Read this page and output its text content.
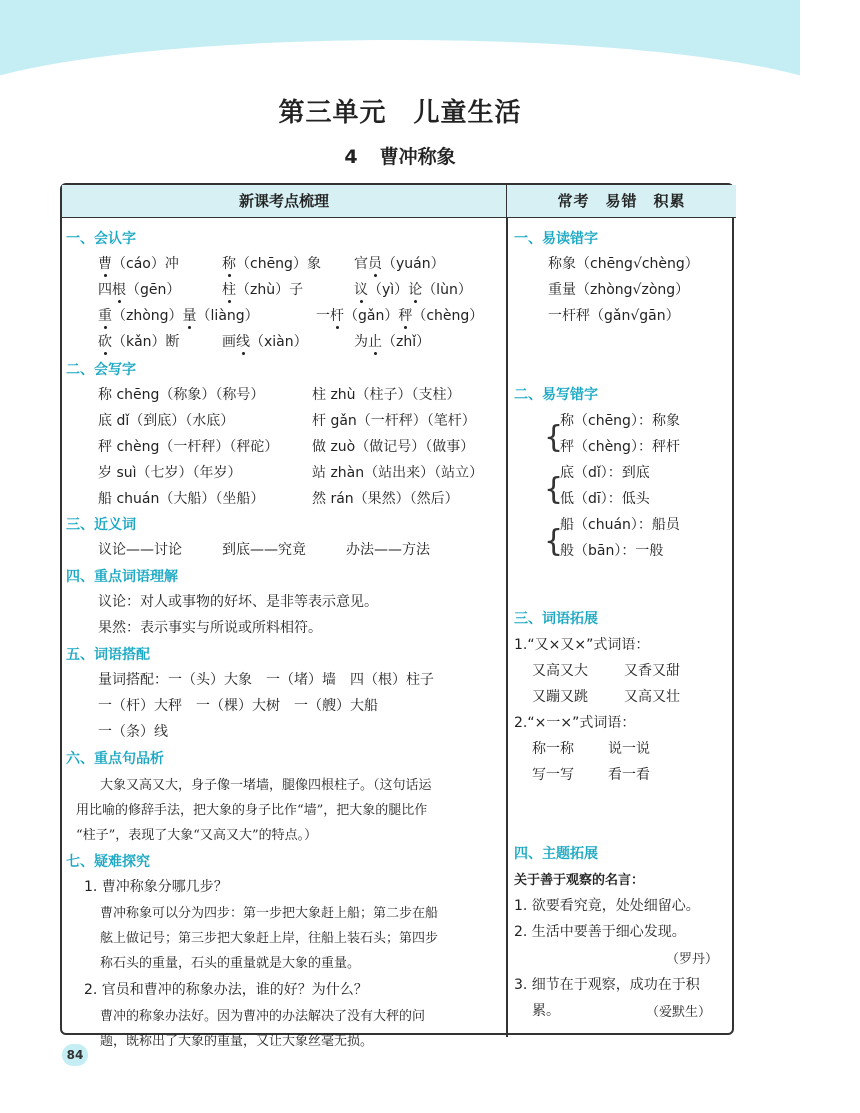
第三单元　儿童生活
4 曹冲称象
新课考点梳理	常考　易错　积累
一、会认字
曹（cáo）冲	称（chēng）象 官员（yuán）
四根（gēn）	柱（zhù）子	议（yì）论（lùn）
重（zhòng）量（liàng）	一杆（gǎn）秤（chèng）
砍（kǎn）断	画线（xiàn）	为止（zhǐ）
二、会写字
称 chēng（称象）（称号）	柱 zhù（柱子）（支柱）
底 dǐ（到底）（水底）	杆 gǎn（一杆秤）（笔杆）
秤 chèng（一杆秤）（秤砣） 做 zuò（做记号）（做事）
岁 suì（七岁）（年岁）	站 zhàn（站出来）（站立）
船 chuán（大船）（坐船）	然 rán（果然）（然后）
三、近义词
议论——讨论	到底——究竟	办法——方法
四、重点词语理解
议论：对人或事物的好坏、是非等表示意见。
果然：表示事实与所说或所料相符。
五、词语搭配
量词搭配：一（头）大象　一（堵）墙　四（根）柱子
一（杆）大秤　一（棵）大树　一（艘）大船
一（条）线
六、重点句品析
大象又高又大，身子像一堵墙，腿像四根柱子。（这句话运
用比喻的修辞手法，把大象的身子比作“墙”，把大象的腿比作
“柱子”，表现了大象“又高又大”的特点。）
七、疑难探究
1. 曹冲称象分哪几步？
曹冲称象可以分为四步：第一步把大象赶上船；第二步在船
舷上做记号；第三步把大象赶上岸，往船上装石头；第四步
称石头的重量，石头的重量就是大象的重量。
2. 官员和曹冲的称象办法，谁的好？为什么？
曹冲的称象办法好。因为曹冲的办法解决了没有大秤的问
题，既称出了大象的重量，又让大象丝毫无损。
一、易读错字
称象（chēng√chèng）
重量（zhòng√zòng）
一杆秤（gǎn√gān）
二、易写错字
{
称（chēng）：称象
秤（chèng）：秤杆
{
底（dǐ）：到底
低（dī）：低头
{
船（chuán）：船员
般（bān）：一般
三、词语拓展
1.“又×又×”式词语：
又高又大	又香又甜
又蹦又跳	又高又壮
2.“×一×”式词语：
称一称 说一说
写一写 看一看
四、主题拓展
关于善于观察的名言：
1. 欲要看究竟，处处细留心。
2. 生活中要善于细心发现。
（罗丹）
3. 细节在于观察，成功在于积
累。	（爱默生）
84
